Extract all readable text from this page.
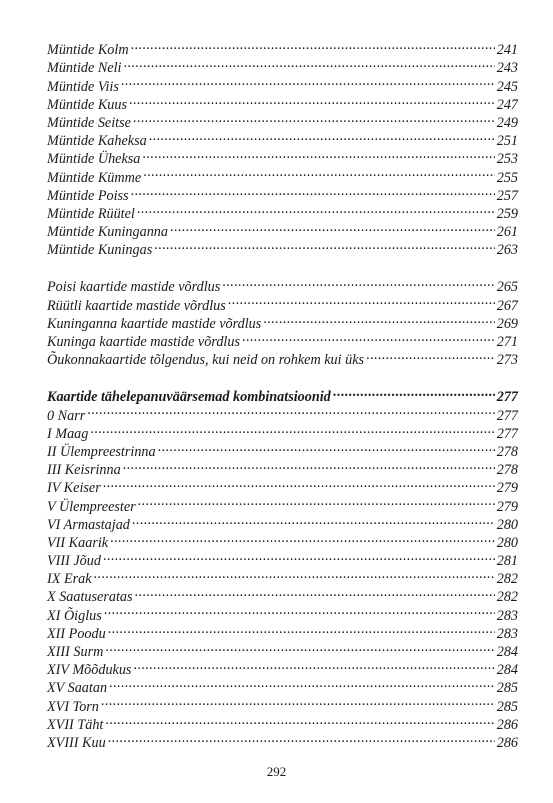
Müntide Kolm . . .	241
Müntide Neli . . .	243
Müntide Viis . . .	245
Müntide Kuus . . .	247
Müntide Seitse . . .	249
Müntide Kaheksa . . .	251
Müntide Üheksa . . .	253
Müntide Kümme . . .	255
Müntide Poiss . . .	257
Müntide Rüütel . . .	259
Müntide Kuninganna . . .	261
Müntide Kuningas . . .	263
Poisi kaartide mastide võrdlus . . .	265
Rüütli kaartide mastide võrdlus . . .	267
Kuninganna kaartide mastide võrdlus . . .	269
Kuninga kaartide mastide võrdlus . . .	271
Õukonnakaartide tõlgendus, kui neid on rohkem kui üks . . .	273
Kaartide tähelepanuväärsemad kombinatsioonid . . .	277
0 Narr . . .	277
I Maag . . .	277
II Ülempreestrinna . . .	278
III Keisrinna . . .	278
IV Keiser . . .	279
V Ülempreester . . .	279
VI Armastajad . . .	280
VII Kaarik . . .	280
VIII Jõud . . .	281
IX Erak . . .	282
X Saatuseratas . . .	282
XI Õiglus . . .	283
XII Poodu . . .	283
XIII Surm . . .	284
XIV Mõõdukus . . .	284
XV Saatan . . .	285
XVI Torn . . .	285
XVII Täht . . .	286
XVIII Kuu . . .	286
292
